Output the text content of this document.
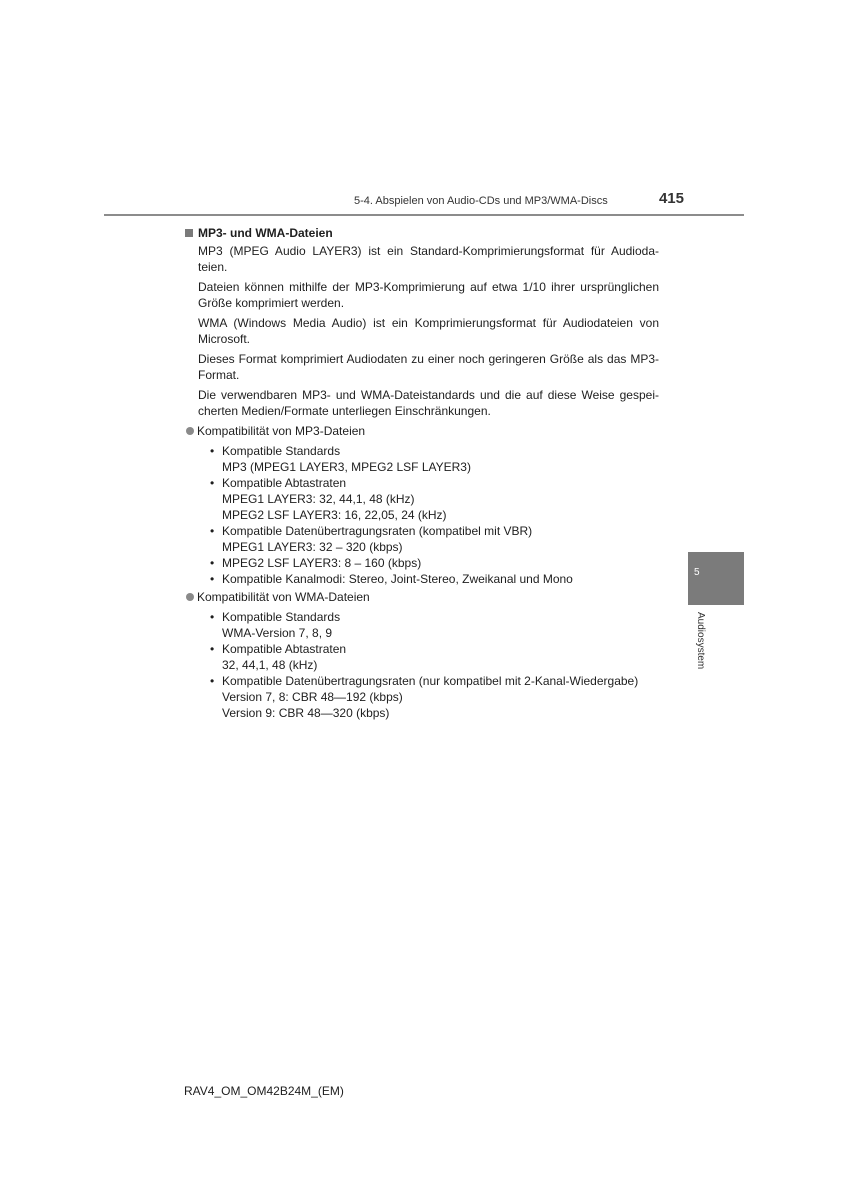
5-4. Abspielen von Audio-CDs und MP3/WMA-Discs	415
MP3- und WMA-Dateien

MP3 (MPEG Audio LAYER3) ist ein Standard-Komprimierungsformat für Audioda-teien.

Dateien können mithilfe der MP3-Komprimierung auf etwa 1/10 ihrer ursprünglichen Größe komprimiert werden.

WMA (Windows Media Audio) ist ein Komprimierungsformat für Audiodateien von Microsoft.

Dieses Format komprimiert Audiodaten zu einer noch geringeren Größe als das MP3-Format.

Die verwendbaren MP3- und WMA-Dateistandards und die auf diese Weise gespei-cherten Medien/Formate unterliegen Einschränkungen.

Kompatibilität von MP3-Dateien
• Kompatible Standards
MP3 (MPEG1 LAYER3, MPEG2 LSF LAYER3)
• Kompatible Abtastraten
MPEG1 LAYER3: 32, 44,1, 48 (kHz)
MPEG2 LSF LAYER3: 16, 22,05, 24 (kHz)
• Kompatible Datenübertragungsraten (kompatibel mit VBR)
MPEG1 LAYER3: 32 – 320 (kbps)
• MPEG2 LSF LAYER3: 8 – 160 (kbps)
• Kompatible Kanalmodi: Stereo, Joint-Stereo, Zweikanal und Mono
Kompatibilität von WMA-Dateien
• Kompatible Standards
WMA-Version 7, 8, 9
• Kompatible Abtastraten
32, 44,1, 48 (kHz)
• Kompatible Datenübertragungsraten (nur kompatibel mit 2-Kanal-Wiedergabe)
Version 7, 8: CBR 48—192 (kbps)
Version 9: CBR 48—320 (kbps)
5
Audiosystem
RAV4_OM_OM42B24M_(EM)
